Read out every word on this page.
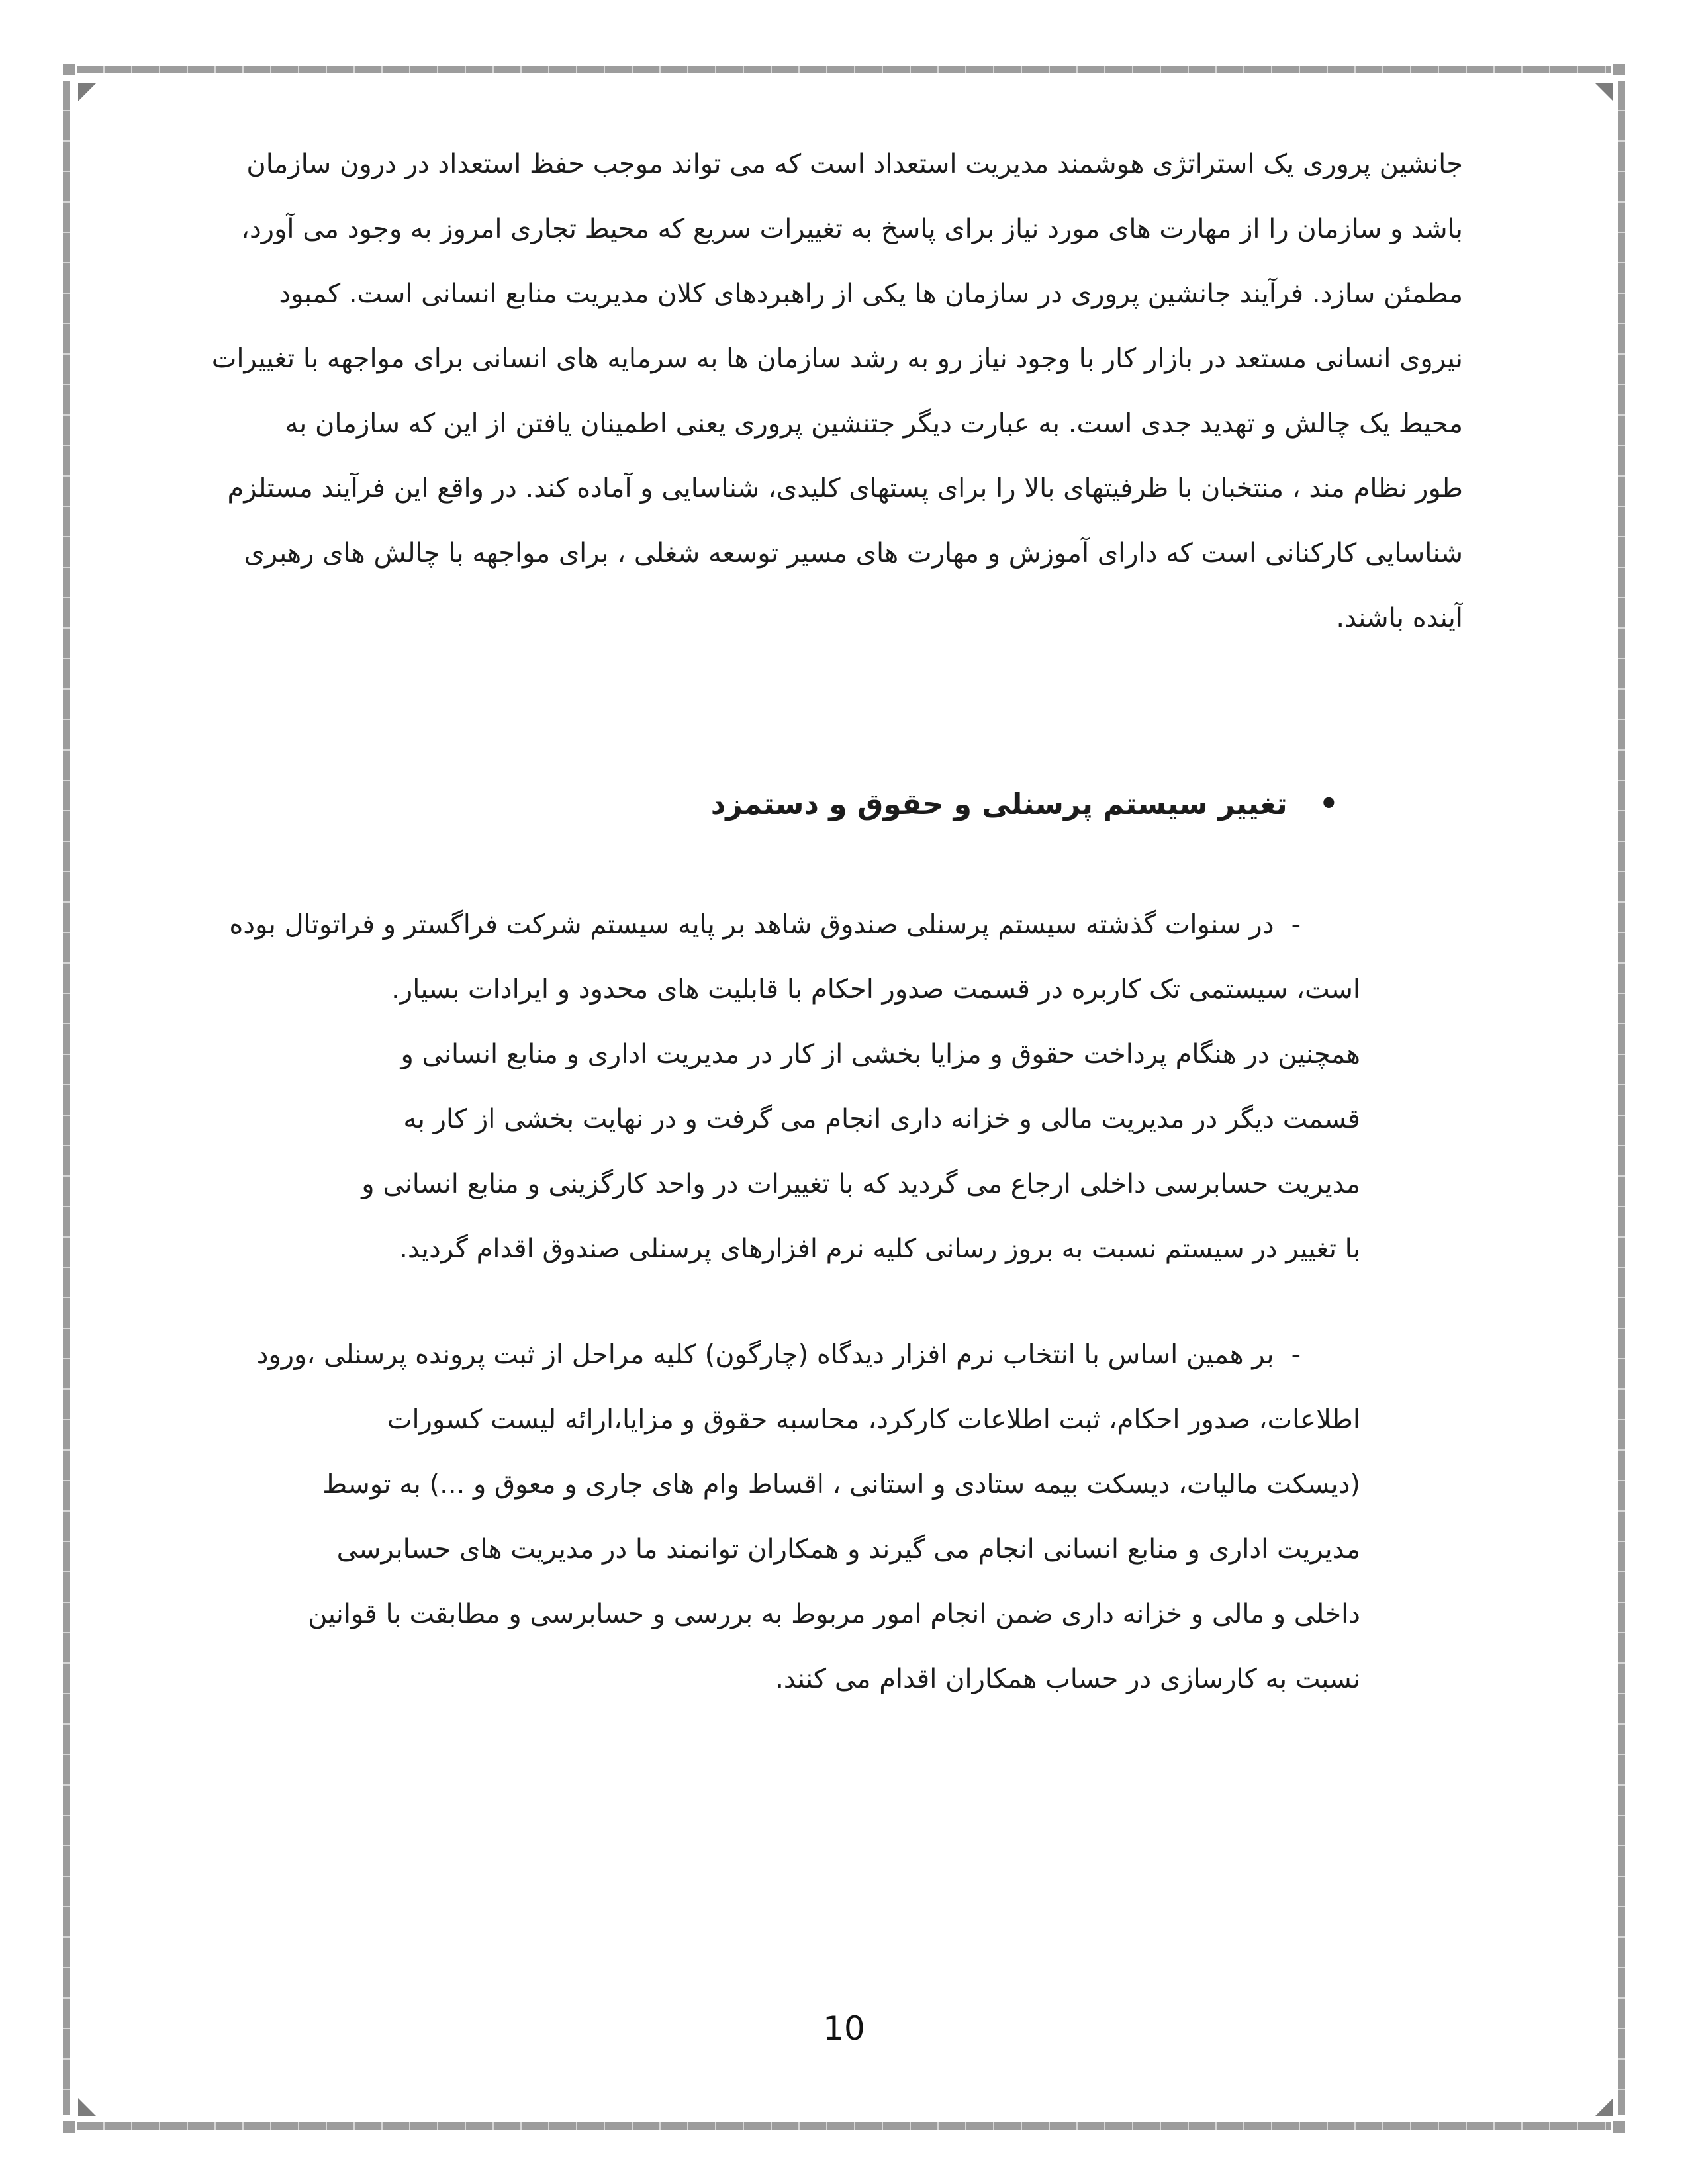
جانشین پروری یک استراتژی هوشمند مدیریت استعداد است که می تواند موجب حفظ استعداد در درون سازمان
باشد و سازمان را از مهارت های مورد نیاز برای پاسخ به تغییرات سریع که محیط تجاری امروز به وجود می آورد،
مطمئن سازد. فرآیند جانشین پروری در سازمان ها یکی از راهبردهای کلان مدیریت منابع انسانی است. کمبود
نیروی انسانی مستعد در بازار کار با وجود نیاز رو به رشد سازمان ها به سرمایه های انسانی برای مواجهه با تغییرات
محیط یک چالش و تهدید جدی است. به عبارت دیگر جتنشین پروری یعنی اطمینان یافتن از این که سازمان به
طور نظام مند ، منتخبان با ظرفیتهای بالا را برای پستهای کلیدی، شناسایی و آماده کند. در واقع این فرآیند مستلزم
شناسایی کارکنانی است که دارای آموزش و مهارت های مسیر توسعه شغلی ، برای مواجهه با چالش های رهبری
آینده باشند.
•تغییر سیستم پرسنلی و حقوق و دستمزد
-در سنوات گذشته سیستم پرسنلی صندوق شاهد بر پایه سیستم شرکت فراگستر و فراتوتال بوده
است، سیستمی تک کاربره در قسمت صدور احکام با قابلیت های محدود و ایرادات بسیار.
همچنین در هنگام پرداخت حقوق و مزایا بخشی از کار در مدیریت اداری و منابع انسانی و
قسمت دیگر در مدیریت مالی و خزانه داری انجام می گرفت و در نهایت بخشی از کار به
مدیریت حسابرسی داخلی ارجاع می گردید که با تغییرات در واحد کارگزینی و منابع انسانی و
با تغییر در سیستم نسبت به بروز رسانی کلیه نرم افزارهای پرسنلی صندوق اقدام گردید.
-بر همین اساس با انتخاب نرم افزار دیدگاه (چارگون) کلیه مراحل از ثبت پرونده پرسنلی ،ورود
اطلاعات، صدور احکام، ثبت اطلاعات کارکرد، محاسبه حقوق و مزایا،ارائه لیست کسورات
(دیسکت مالیات، دیسکت بیمه ستادی و استانی ، اقساط وام های جاری و معوق و ...) به توسط
مدیریت اداری و منابع انسانی انجام می گیرند و همکاران توانمند ما در مدیریت های حسابرسی
داخلی و مالی و خزانه داری ضمن انجام امور مربوط به بررسی و حسابرسی و مطابقت با قوانین
نسبت به کارسازی در حساب همکاران اقدام می کنند.
10
